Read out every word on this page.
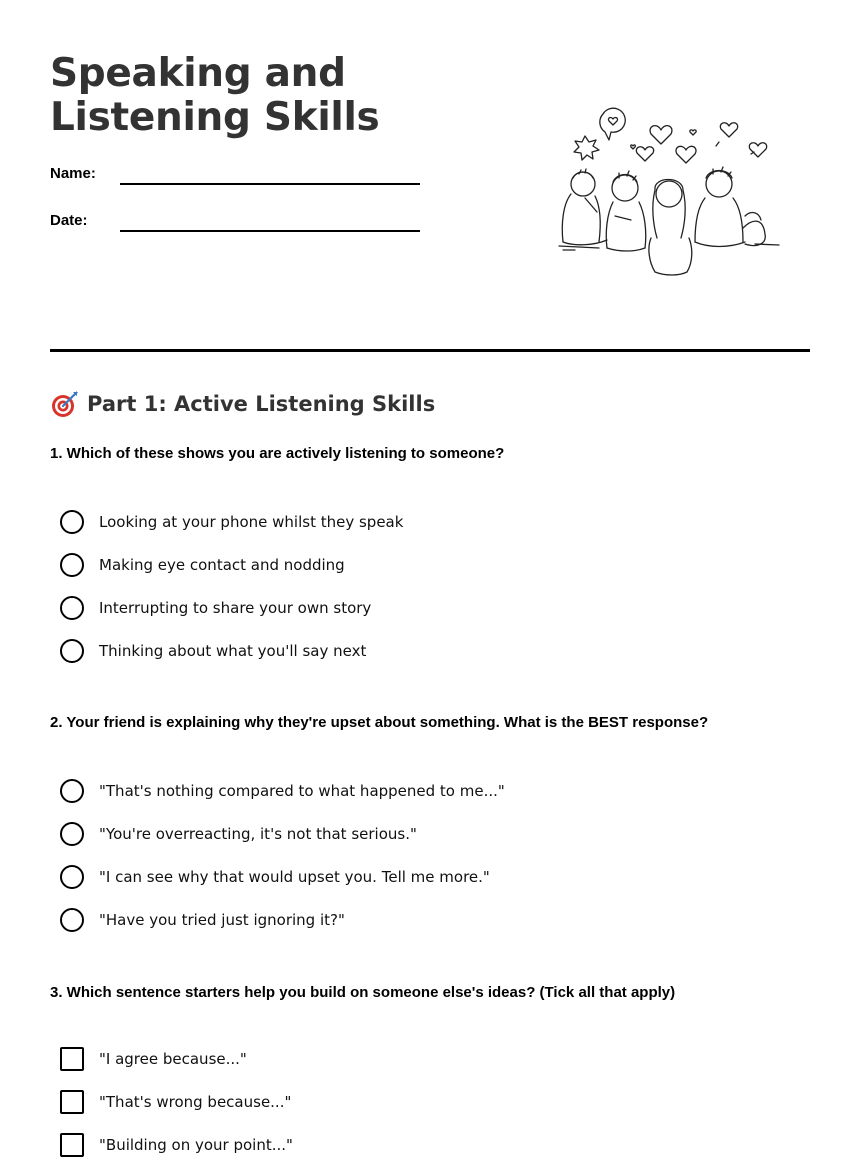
Speaking and Listening Skills
Name:
Date:
Part 1: Active Listening Skills
1. Which of these shows you are actively listening to someone?
Looking at your phone whilst they speak
Making eye contact and nodding
Interrupting to share your own story
Thinking about what you'll say next
2. Your friend is explaining why they're upset about something. What is the BEST response?
"That's nothing compared to what happened to me..."
"You're overreacting, it's not that serious."
"I can see why that would upset you. Tell me more."
"Have you tried just ignoring it?"
3. Which sentence starters help you build on someone else's ideas? (Tick all that apply)
"I agree because..."
"That's wrong because..."
"Building on your point..."
